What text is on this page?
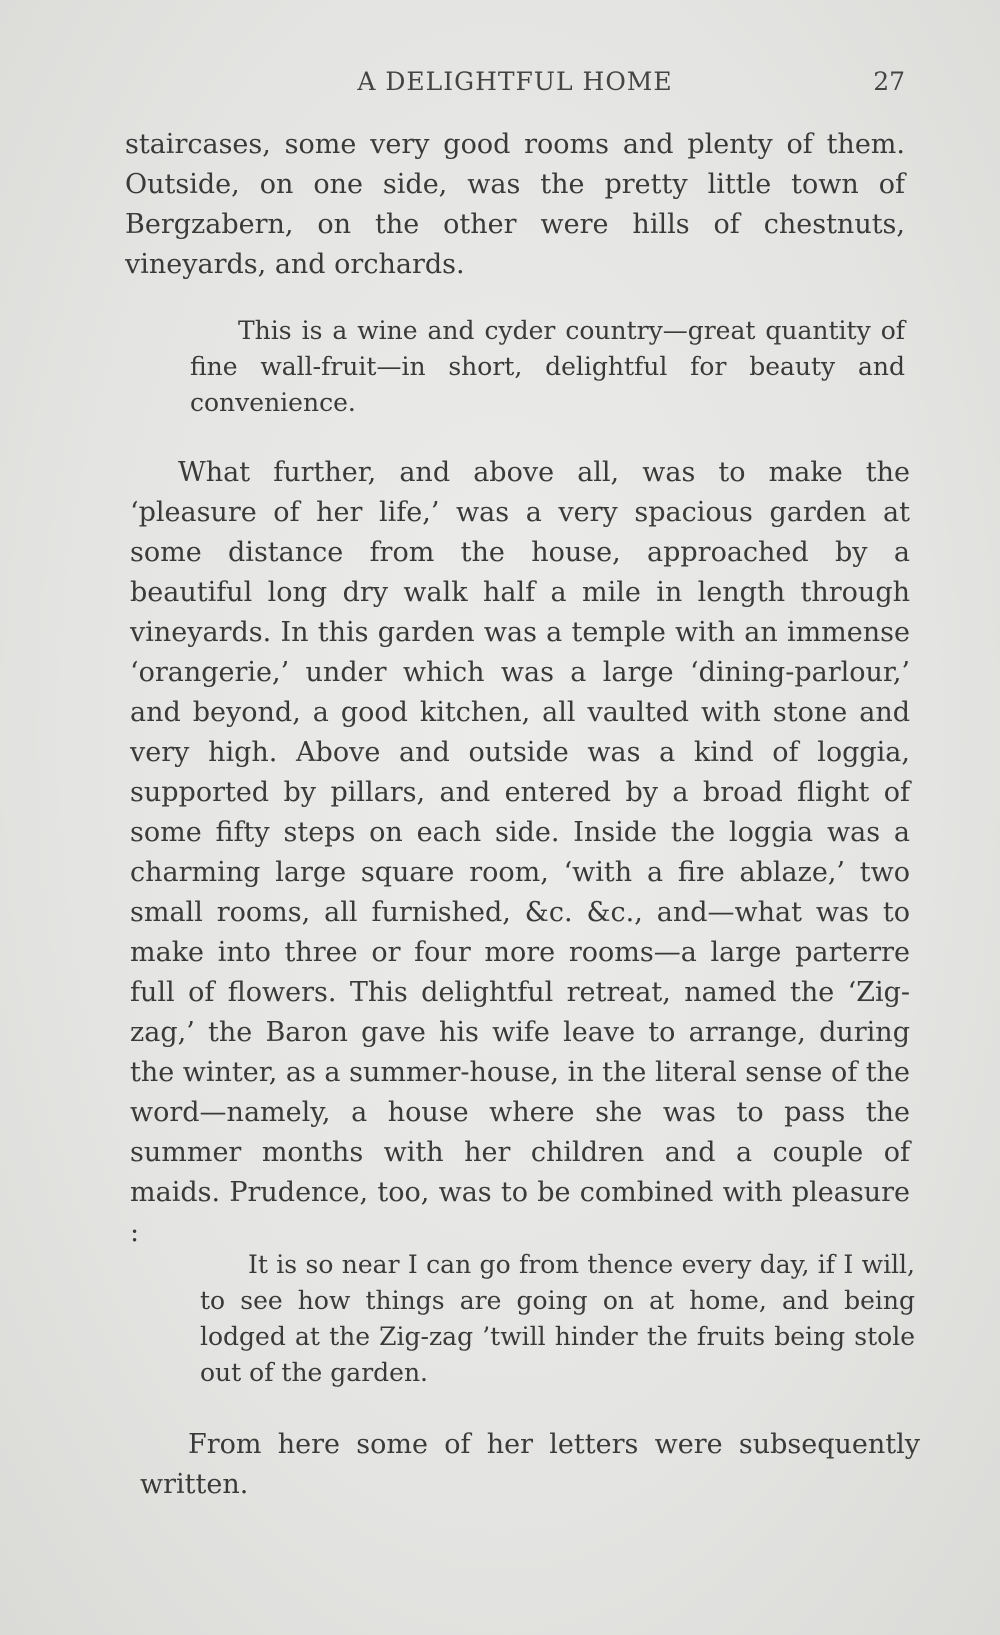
A DELIGHTFUL HOME	27

staircases, some very good rooms and plenty of them. Outside, on one side, was the pretty little town of Bergzabern, on the other were hills of chestnuts, vineyards, and orchards.

This is a wine and cyder country—great quantity of fine wall-fruit—in short, delightful for beauty and convenience.

What further, and above all, was to make the ‘pleasure of her life,’ was a very spacious garden at some distance from the house, approached by a beautiful long dry walk half a mile in length through vineyards. In this garden was a temple with an immense ‘orangerie,’ under which was a large ‘dining-parlour,’ and beyond, a good kitchen, all vaulted with stone and very high. Above and outside was a kind of loggia, supported by pillars, and entered by a broad flight of some fifty steps on each side. Inside the loggia was a charming large square room, ‘with a fire ablaze,’ two small rooms, all furnished, &c. &c., and—what was to make into three or four more rooms—a large parterre full of flowers. This delightful retreat, named the ‘Zig-zag,’ the Baron gave his wife leave to arrange, during the winter, as a summer-house, in the literal sense of the word—namely, a house where she was to pass the summer months with her children and a couple of maids. Prudence, too, was to be combined with pleasure :

It is so near I can go from thence every day, if I will, to see how things are going on at home, and being lodged at the Zig-zag ’twill hinder the fruits being stole out of the garden.

From here some of her letters were subsequently written.
